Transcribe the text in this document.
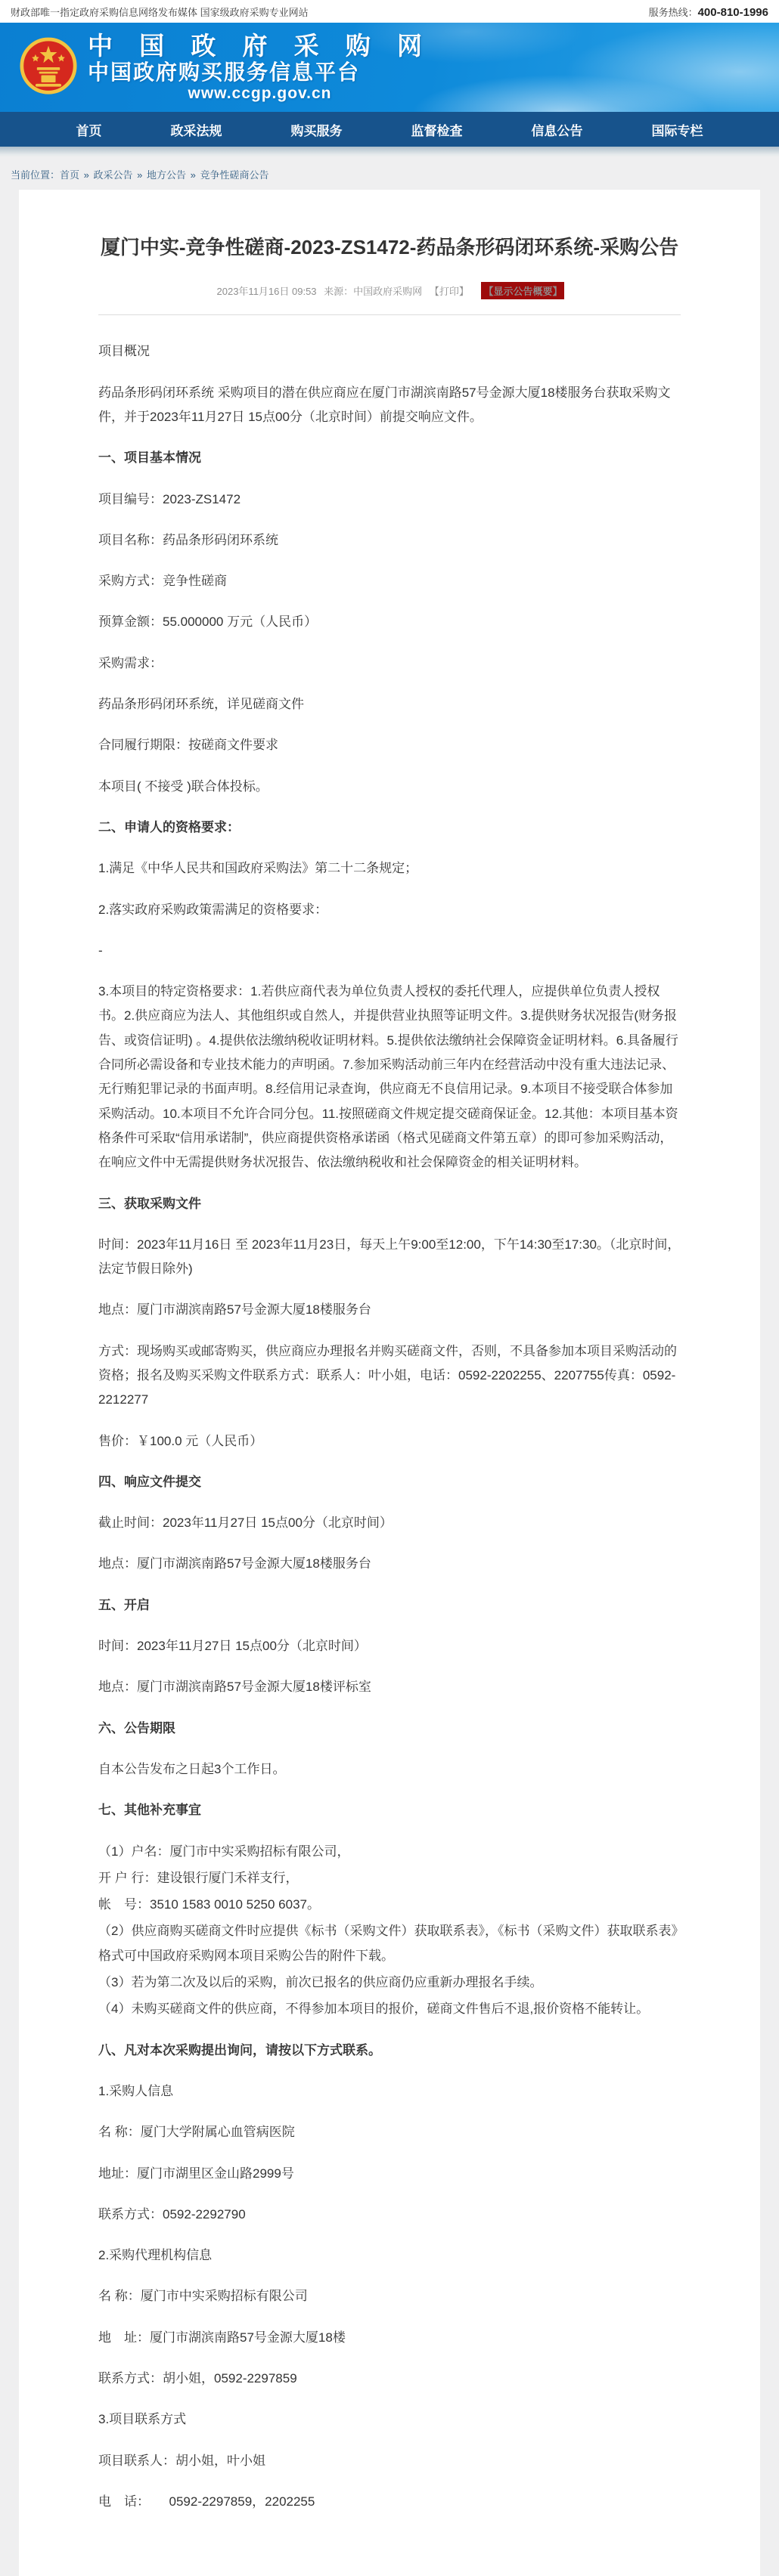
财政部唯一指定政府采购信息网络发布媒体 国家级政府采购专业网站	服务热线：400-810-1996
中 国 政 府 采 购 网
中国政府购买服务信息平台
www.ccgp.gov.cn
首页	政采法规	购买服务	监督检查	信息公告	国际专栏
当前位置：首页 » 政采公告 » 地方公告 » 竞争性磋商公告
厦门中实-竞争性磋商-2023-ZS1472-药品条形码闭环系统-采购公告
2023年11月16日 09:53 来源：中国政府采购网 【打印】 【显示公告概要】

项目概况

药品条形码闭环系统 采购项目的潜在供应商应在厦门市湖滨南路57号金源大厦18楼服务台获取采购文件，并于2023年11月27日 15点00分（北京时间）前提交响应文件。

一、项目基本情况

项目编号：2023-ZS1472

项目名称：药品条形码闭环系统

采购方式：竞争性磋商

预算金额：55.000000 万元（人民币）

采购需求：

药品条形码闭环系统，详见磋商文件

合同履行期限：按磋商文件要求

本项目( 不接受 )联合体投标。

二、申请人的资格要求：

1.满足《中华人民共和国政府采购法》第二十二条规定；

2.落实政府采购政策需满足的资格要求：

-

3.本项目的特定资格要求：1.若供应商代表为单位负责人授权的委托代理人，应提供单位负责人授权书。2.供应商应为法人、其他组织或自然人，并提供营业执照等证明文件。3.提供财务状况报告(财务报告、或资信证明) 。4.提供依法缴纳税收证明材料。5.提供依法缴纳社会保障资金证明材料。6.具备履行合同所必需设备和专业技术能力的声明函。7.参加采购活动前三年内在经营活动中没有重大违法记录、无行贿犯罪记录的书面声明。8.经信用记录查询，供应商无不良信用记录。9.本项目不接受联合体参加采购活动。10.本项目不允许合同分包。11.按照磋商文件规定提交磋商保证金。12.其他：本项目基本资格条件可采取“信用承诺制”，供应商提供资格承诺函（格式见磋商文件第五章）的即可参加采购活动，在响应文件中无需提供财务状况报告、依法缴纳税收和社会保障资金的相关证明材料。

三、获取采购文件

时间：2023年11月16日 至 2023年11月23日，每天上午9:00至12:00，下午14:30至17:30。（北京时间，法定节假日除外)

地点：厦门市湖滨南路57号金源大厦18楼服务台

方式：现场购买或邮寄购买，供应商应办理报名并购买磋商文件，否则，不具备参加本项目采购活动的资格；报名及购买采购文件联系方式：联系人：叶小姐，电话：0592-2202255、2207755传真：0592-2212277

售价：￥100.0 元（人民币）

四、响应文件提交

截止时间：2023年11月27日 15点00分（北京时间）

地点：厦门市湖滨南路57号金源大厦18楼服务台

五、开启

时间：2023年11月27日 15点00分（北京时间）

地点：厦门市湖滨南路57号金源大厦18楼评标室

六、公告期限

自本公告发布之日起3个工作日。

七、其他补充事宜

（1）户名：厦门市中实采购招标有限公司，

开 户 行：建设银行厦门禾祥支行，

帐　号：3510 1583 0010 5250 6037。

（2）供应商购买磋商文件时应提供《标书（采购文件）获取联系表》，《标书（采购文件）获取联系表》格式可中国政府采购网本项目采购公告的附件下载。

（3）若为第二次及以后的采购，前次已报名的供应商仍应重新办理报名手续。

（4）未购买磋商文件的供应商，不得参加本项目的报价，磋商文件售后不退,报价资格不能转让。

八、凡对本次采购提出询问，请按以下方式联系。

1.采购人信息

名 称：厦门大学附属心血管病医院

地址：厦门市湖里区金山路2999号

联系方式：0592-2292790

2.采购代理机构信息

名 称：厦门市中实采购招标有限公司

地　址：厦门市湖滨南路57号金源大厦18楼

联系方式：胡小姐，0592-2297859

3.项目联系方式

项目联系人：胡小姐，叶小姐

电　话：　　0592-2297859，2202255
